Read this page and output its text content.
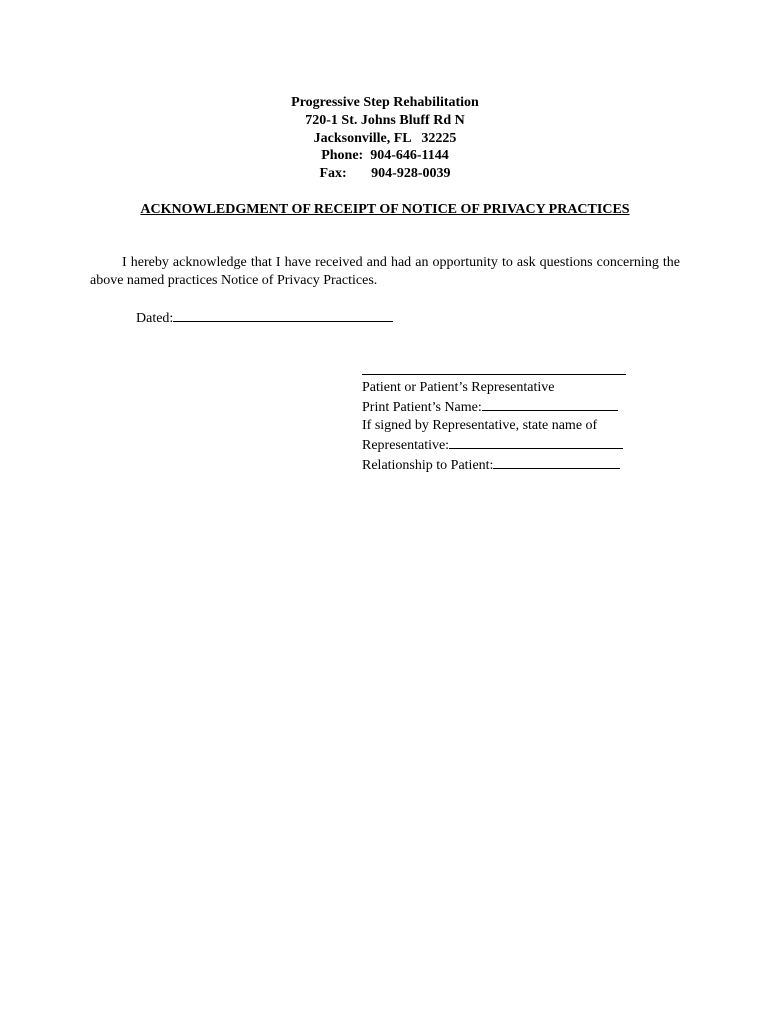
Progressive Step Rehabilitation
720-1 St. Johns Bluff Rd N
Jacksonville, FL   32225
Phone:  904-646-1144
Fax:       904-928-0039
ACKNOWLEDGMENT OF RECEIPT OF NOTICE OF PRIVACY PRACTICES

I hereby acknowledge that I have received and had an opportunity to ask questions concerning the above named practices Notice of Privacy Practices.

Dated:
Patient or Patient’s Representative
Print Patient’s Name:
If signed by Representative, state name of
Representative:
Relationship to Patient:
